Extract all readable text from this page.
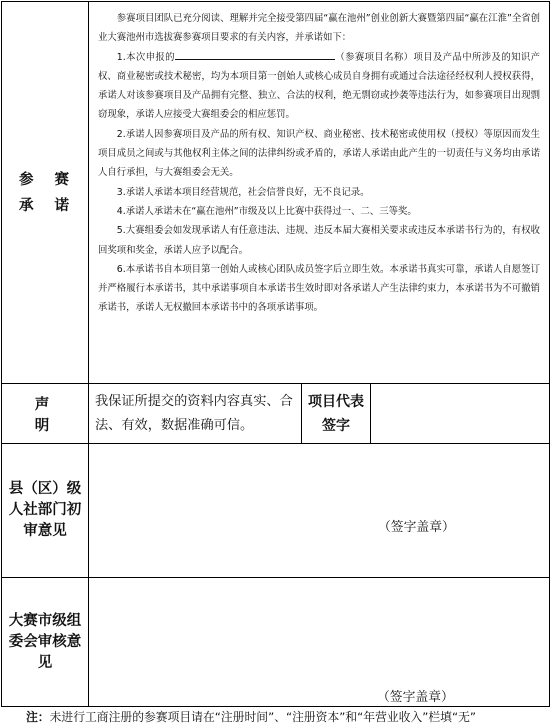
参 赛
承 诺

参赛项目团队已充分阅读、理解并完全接受第四届“赢在池州”创业创新大赛暨第四届“赢在江淮”全省创业大赛池州市选拔赛参赛项目要求的有关内容，并承诺如下：

1.本次申报的	（参赛项目名称）项目及产品中所涉及的知识产权、商业秘密或技术秘密，均为本项目第一创始人或核心成员自身拥有或通过合法途径经权利人授权获得，承诺人对该参赛项目及产品拥有完整、独立、合法的权利，绝无剽窃或抄袭等违法行为，如参赛项目出现剽窃现象，承诺人应接受大赛组委会的相应惩罚。

2.承诺人因参赛项目及产品的所有权、知识产权、商业秘密、技术秘密或使用权（授权）等原因而发生项目成员之间或与其他权利主体之间的法律纠纷或矛盾的，承诺人承诺由此产生的一切责任与义务均由承诺人自行承担，与大赛组委会无关。

3.承诺人承诺本项目经营规范，社会信誉良好，无不良记录。

4.承诺人承诺未在“赢在池州”市级及以上比赛中获得过一、二、三等奖。

5.大赛组委会如发现承诺人有任意违法、违规、违反本届大赛相关要求或违反本承诺书行为的，有权收回奖项和奖金，承诺人应予以配合。

6.本承诺书自本项目第一创始人或核心团队成员签字后立即生效。本承诺书真实可靠，承诺人自愿签订并严格履行本承诺书，其中承诺事项自本承诺书生效时即对各承诺人产生法律约束力，本承诺书为不可撤销承诺书，承诺人无权撤回本承诺书中的各项承诺事项。

声 明
我保证所提交的资料内容真实、合法、有效，数据准确可信。
项目代表签字
县（区）级人社部门初审意见	（签字盖章）
大赛市级组委会审核意见
（签字盖章）
注：未进行工商注册的参赛项目请在“注册时间”、“注册资本”和“年营业收入”栏填“无”
